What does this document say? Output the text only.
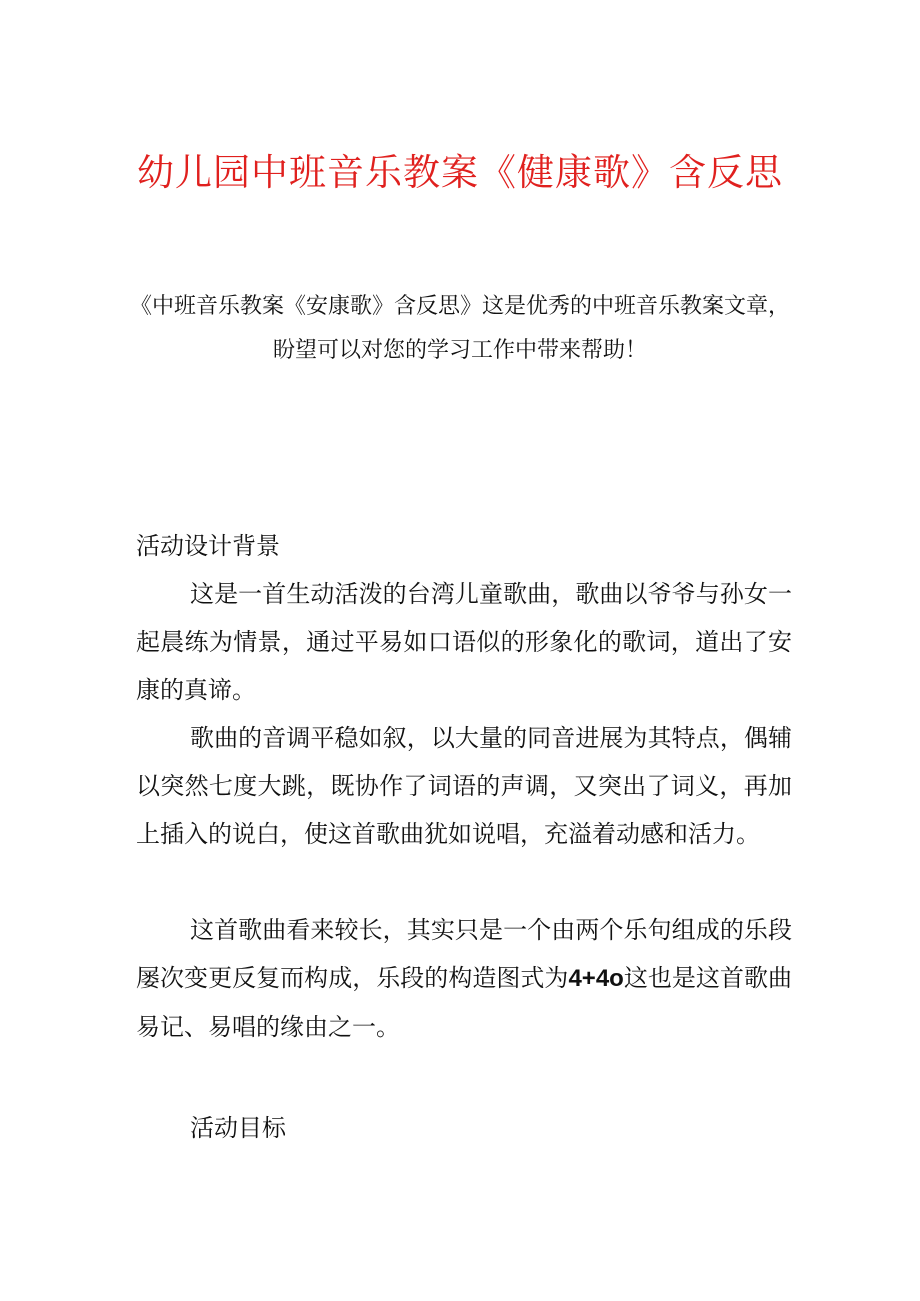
幼儿园中班音乐教案《健康歌》含反思

《中班音乐教案《安康歌》含反思》这是优秀的中班音乐教案文章，盼望可以对您的学习工作中带来帮助！

活动设计背景

这是一首生动活泼的台湾儿童歌曲，歌曲以爷爷与孙女一起晨练为情景，通过平易如口语似的形象化的歌词，道出了安康的真谛。

歌曲的音调平稳如叙，以大量的同音进展为其特点，偶辅以突然七度大跳，既协作了词语的声调，又突出了词义，再加上插入的说白，使这首歌曲犹如说唱，充溢着动感和活力。

这首歌曲看来较长，其实只是一个由两个乐句组成的乐段屡次变更反复而构成，乐段的构造图式为4+4o这也是这首歌曲易记、易唱的缘由之一。

活动目标
